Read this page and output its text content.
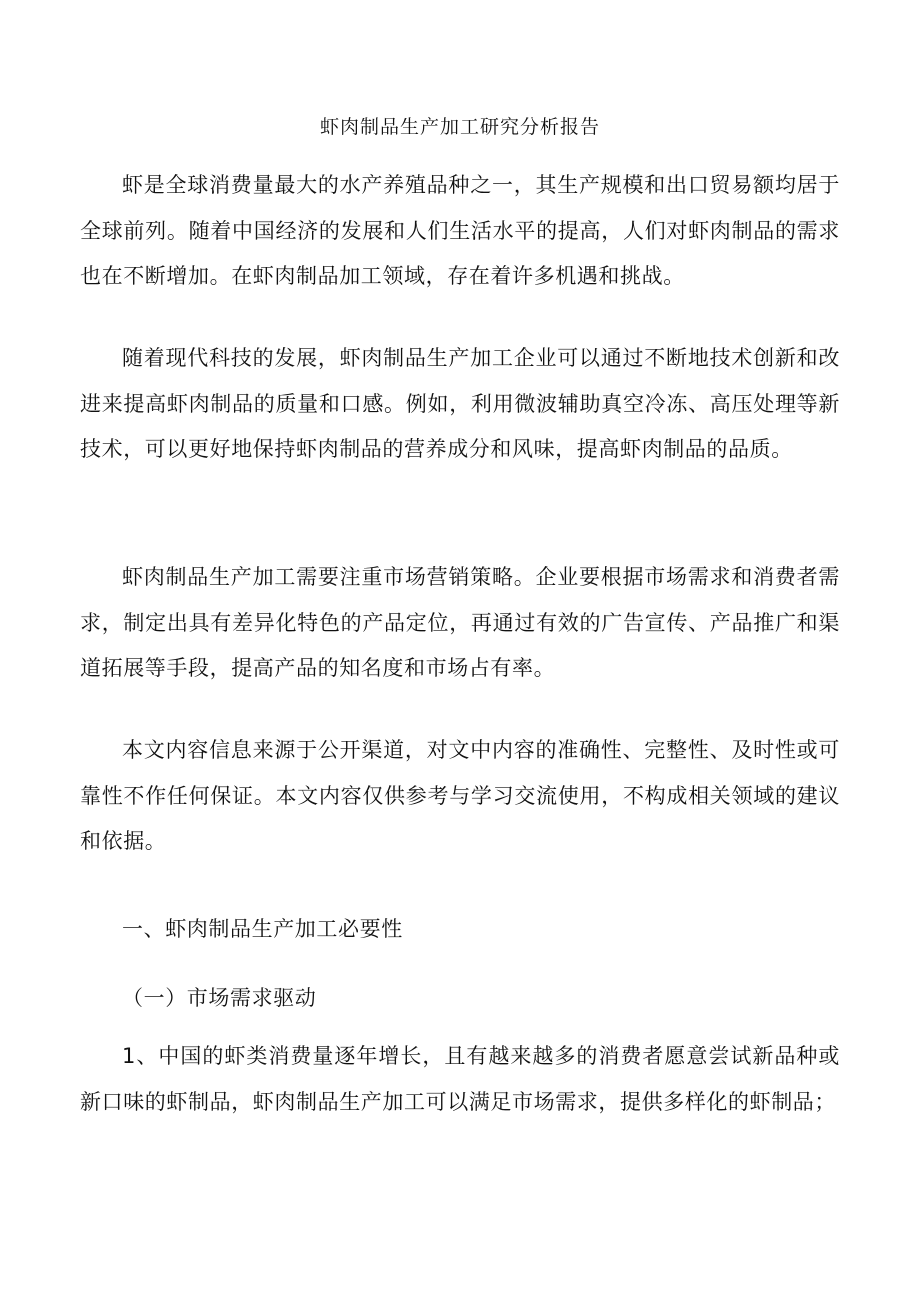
虾肉制品生产加工研究分析报告

虾是全球消费量最大的水产养殖品种之一，其生产规模和出口贸易额均居于全球前列。随着中国经济的发展和人们生活水平的提高，人们对虾肉制品的需求也在不断增加。在虾肉制品加工领域，存在着许多机遇和挑战。

随着现代科技的发展，虾肉制品生产加工企业可以通过不断地技术创新和改进来提高虾肉制品的质量和口感。例如，利用微波辅助真空冷冻、高压处理等新技术，可以更好地保持虾肉制品的营养成分和风味，提高虾肉制品的品质。

虾肉制品生产加工需要注重市场营销策略。企业要根据市场需求和消费者需求，制定出具有差异化特色的产品定位，再通过有效的广告宣传、产品推广和渠道拓展等手段，提高产品的知名度和市场占有率。

本文内容信息来源于公开渠道，对文中内容的准确性、完整性、及时性或可靠性不作任何保证。本文内容仅供参考与学习交流使用，不构成相关领域的建议和依据。

一、虾肉制品生产加工必要性
（一）市场需求驱动

1、中国的虾类消费量逐年增长，且有越来越多的消费者愿意尝试新品种或新口味的虾制品，虾肉制品生产加工可以满足市场需求，提供多样化的虾制品；
